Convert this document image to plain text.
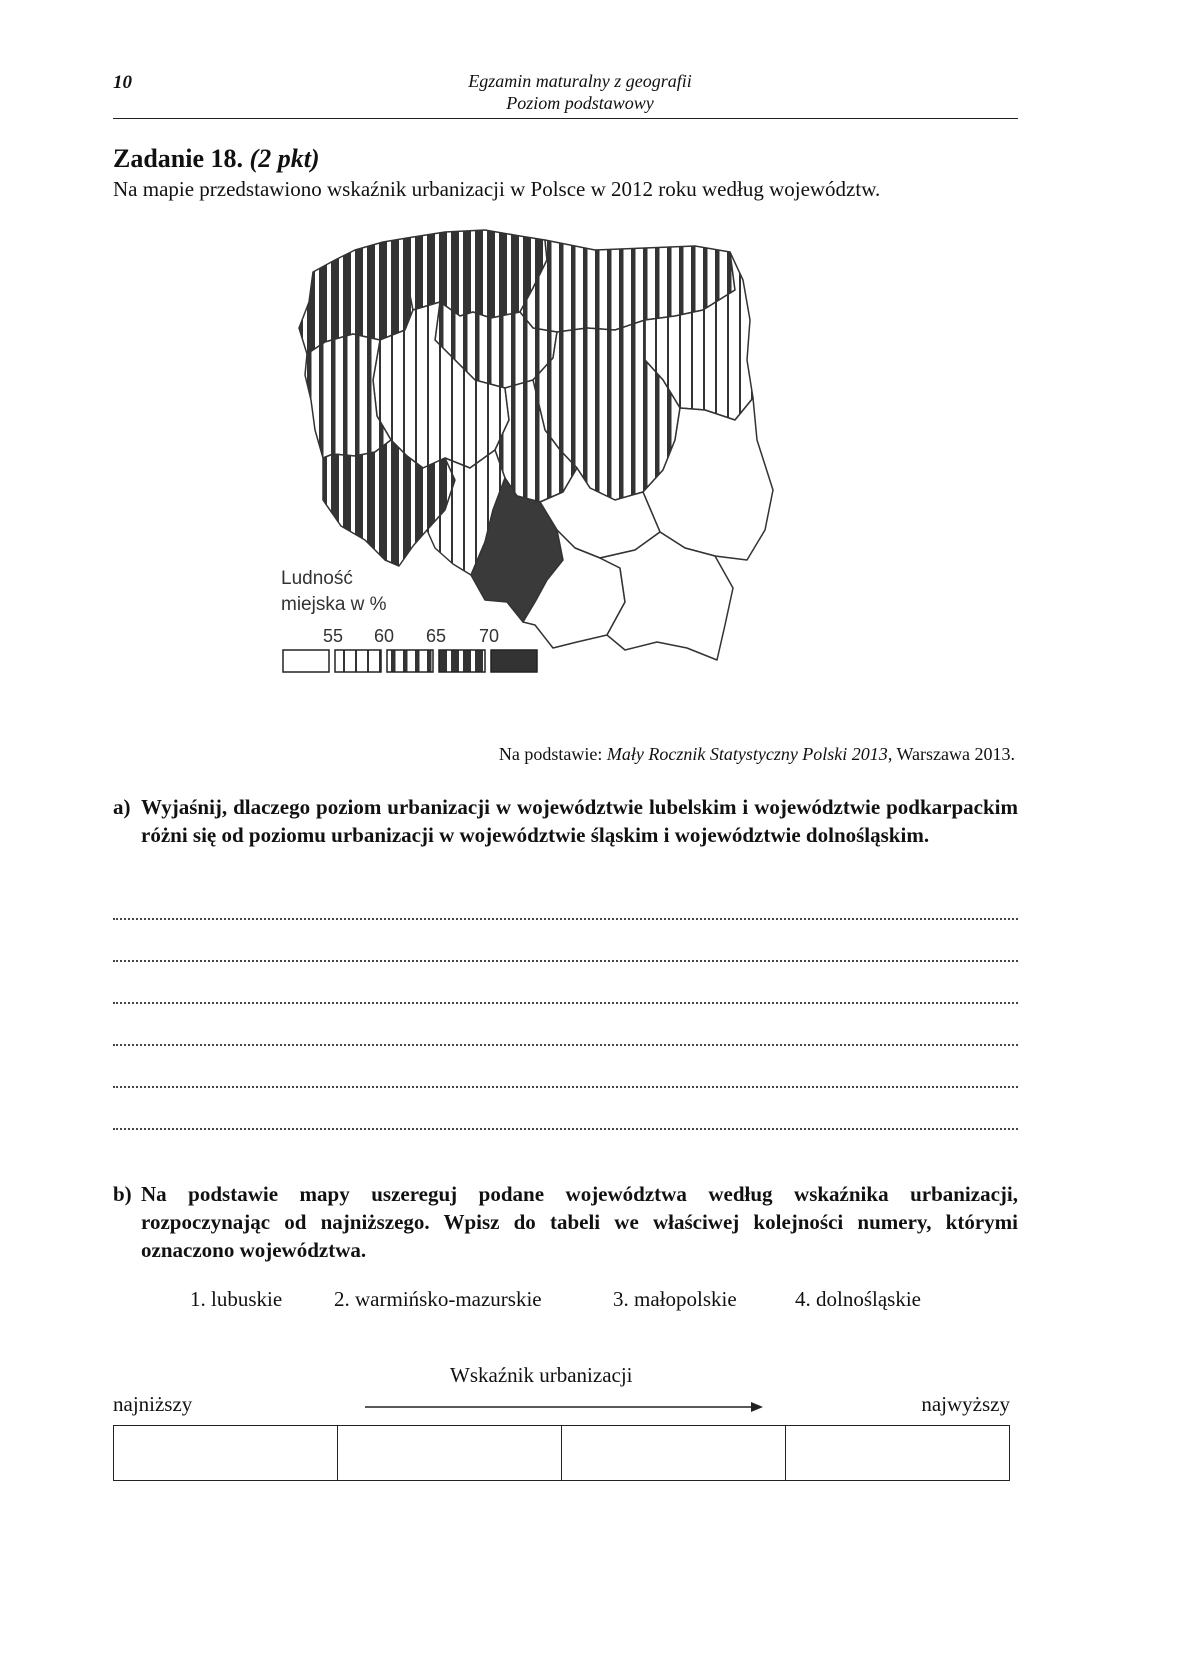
10	Egzamin maturalny z geografii
Poziom podstawowy
Zadanie 18. (2 pkt)
Na mapie przedstawiono wskaźnik urbanizacji w Polsce w 2012 roku według województw.
Ludność
miejska w %
55 60 65 70
Na podstawie: Mały Rocznik Statystyczny Polski 2013, Warszawa 2013.
a) Wyjaśnij, dlaczego poziom urbanizacji w województwie lubelskim i województwie podkarpackim różni się od poziomu urbanizacji w województwie śląskim i województwie dolnośląskim.
b) Na podstawie mapy uszereguj podane województwa według wskaźnika urbanizacji, rozpoczynając od najniższego. Wpisz do tabeli we właściwej kolejności numery, którymi oznaczono województwa.
1. lubuskie 2. warmińsko-mazurskie	3. małopolskie	4. dolnośląskie
Wskaźnik urbanizacji
najniższy	najwyższy
